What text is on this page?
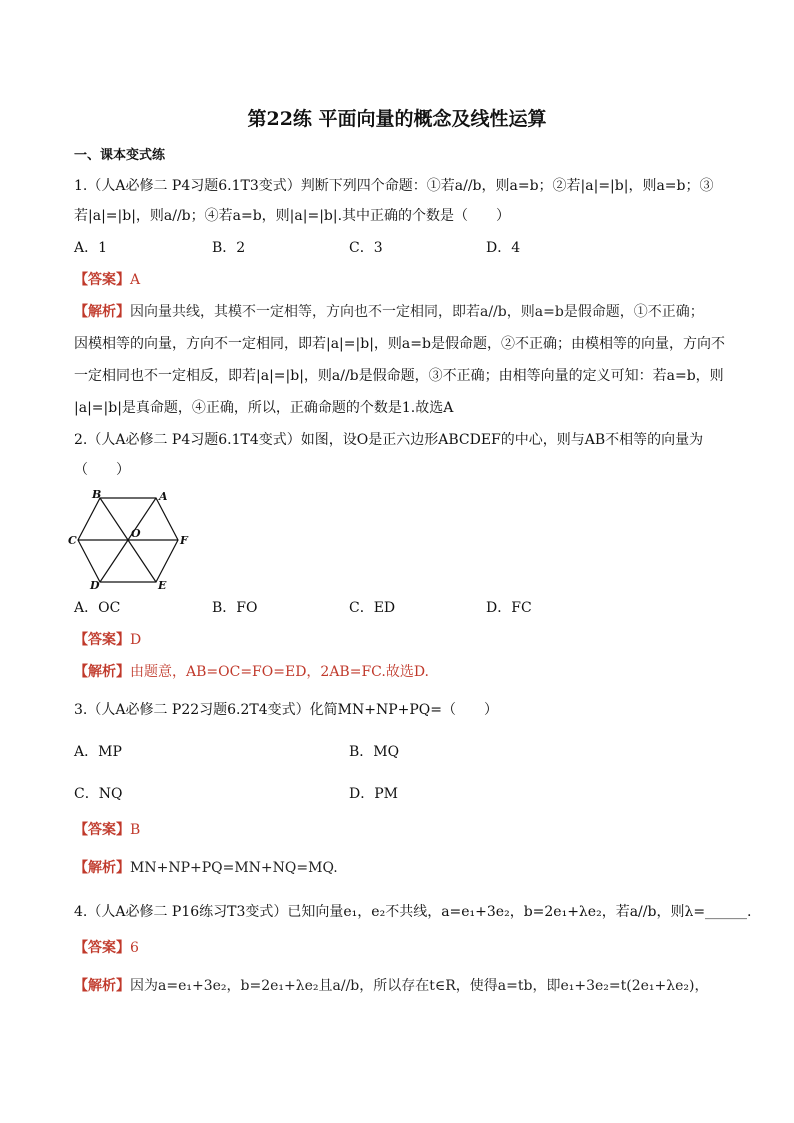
第22练 平面向量的概念及线性运算
一、课本变式练
1.（人A必修二 P4习题6.1T3变式）判断下列四个命题：①若a//b，则a=b；②若|a|=|b|，则a=b；③
若|a|=|b|，则a//b；④若a=b，则|a|=|b|.其中正确的个数是（　　）
A．1	B．2	C．3	D．4
【答案】A
【解析】因向量共线，其模不一定相等，方向也不一定相同，即若a//b，则a=b是假命题，①不正确；
因模相等的向量，方向不一定相同，即若|a|=|b|，则a=b是假命题，②不正确；由模相等的向量，方向不
一定相同也不一定相反，即若|a|=|b|，则a//b是假命题，③不正确；由相等向量的定义可知：若a=b，则
|a|=|b|是真命题，④正确，所以，正确命题的个数是1.故选A
2.（人A必修二 P4习题6.1T4变式）如图，设O是正六边形ABCDEF的中心，则与AB不相等的向量为
（　　）
B	A
C
O
F
D	E
A．OC	B．FO	C．ED	D．FC
【答案】D
【解析】由题意，AB=OC=FO=ED，2AB=FC.故选D.
3.（人A必修二 P22习题6.2T4变式）化简MN+NP+PQ=（　　）
A．MP	B．MQ
C．NQ	D．PM
【答案】B
【解析】MN+NP+PQ=MN+NQ=MQ.
4.（人A必修二 P16练习T3变式）已知向量e₁，e₂不共线，a=e₁+3e₂，b=2e₁+λe₂，若a//b，则λ=______.
【答案】6
【解析】因为a=e₁+3e₂，b=2e₁+λe₂且a//b，所以存在t∈R，使得a=tb，即e₁+3e₂=t(2e₁+λe₂)，
